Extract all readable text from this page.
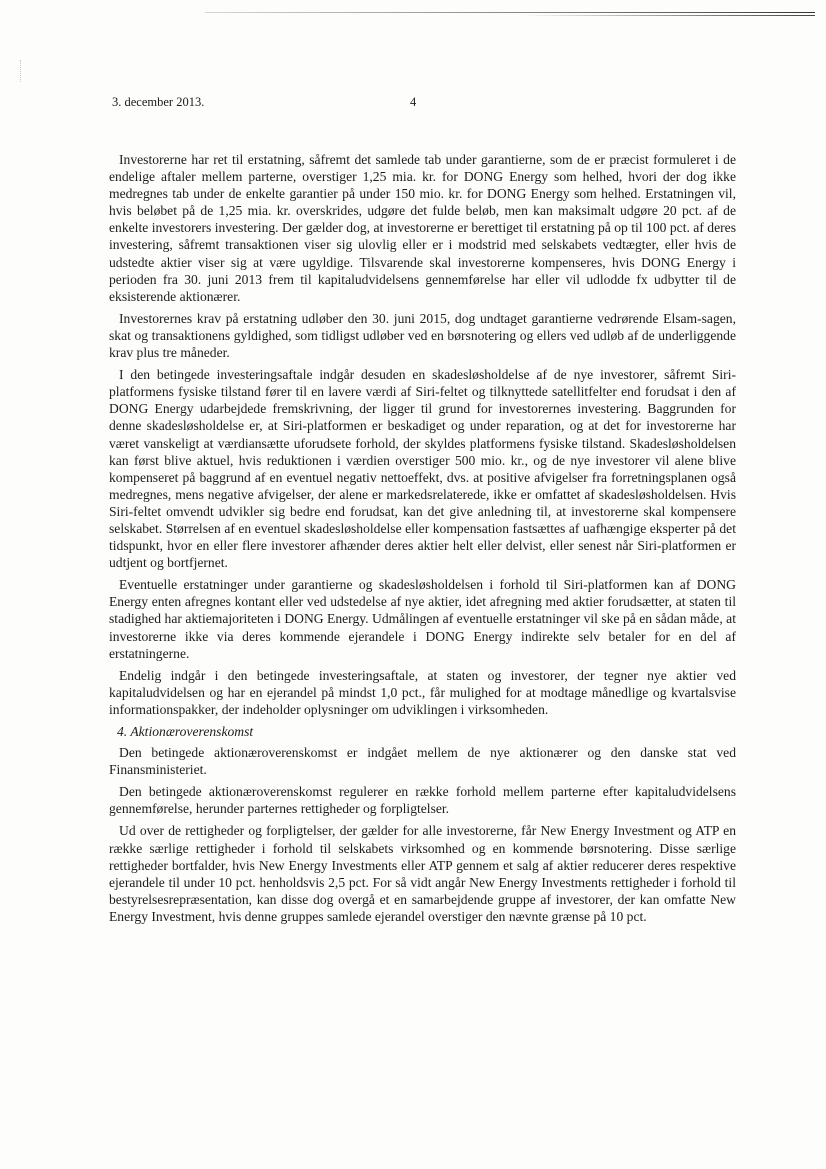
3. december 2013.	4

Investorerne har ret til erstatning, såfremt det samlede tab under garantierne, som de er præcist formuleret i de endelige aftaler mellem parterne, overstiger 1,25 mia. kr. for DONG Energy som helhed, hvori der dog ikke medregnes tab under de enkelte garantier på under 150 mio. kr. for DONG Energy som helhed. Erstatningen vil, hvis beløbet på de 1,25 mia. kr. overskrides, udgøre det fulde beløb, men kan maksimalt udgøre 20 pct. af de enkelte investorers investering. Der gælder dog, at investorerne er berettiget til erstatning på op til 100 pct. af deres investering, såfremt transaktionen viser sig ulovlig eller er i modstrid med selskabets vedtægter, eller hvis de udstedte aktier viser sig at være ugyldige. Tilsvarende skal investorerne kompenseres, hvis DONG Energy i perioden fra 30. juni 2013 frem til kapitaludvidelsens gennemførelse har eller vil udlodde fx udbytter til de eksisterende aktionærer.

Investorernes krav på erstatning udløber den 30. juni 2015, dog undtaget garantierne vedrørende Elsam-sagen, skat og transaktionens gyldighed, som tidligst udløber ved en børsnotering og ellers ved udløb af de underliggende krav plus tre måneder.

I den betingede investeringsaftale indgår desuden en skadesløsholdelse af de nye investorer, såfremt Siri-platformens fysiske tilstand fører til en lavere værdi af Siri-feltet og tilknyttede satellitfelter end forudsat i den af DONG Energy udarbejdede fremskrivning, der ligger til grund for investorernes investering. Baggrunden for denne skadesløsholdelse er, at Siri-platformen er beskadiget og under reparation, og at det for investorerne har været vanskeligt at værdiansætte uforudsete forhold, der skyldes platformens fysiske tilstand. Skadesløsholdelsen kan først blive aktuel, hvis reduktionen i værdien overstiger 500 mio. kr., og de nye investorer vil alene blive kompenseret på baggrund af en eventuel negativ nettoeffekt, dvs. at positive afvigelser fra forretningsplanen også medregnes, mens negative afvigelser, der alene er markedsrelaterede, ikke er omfattet af skadesløsholdelsen. Hvis Siri-feltet omvendt udvikler sig bedre end forudsat, kan det give anledning til, at investorerne skal kompensere selskabet. Størrelsen af en eventuel skadesløsholdelse eller kompensation fastsættes af uafhængige eksperter på det tidspunkt, hvor en eller flere investorer afhænder deres aktier helt eller delvist, eller senest når Siri-platformen er udtjent og bortfjernet.

Eventuelle erstatninger under garantierne og skadesløsholdelsen i forhold til Siri-platformen kan af DONG Energy enten afregnes kontant eller ved udstedelse af nye aktier, idet afregning med aktier forudsætter, at staten til stadighed har aktiemajoriteten i DONG Energy. Udmålingen af eventuelle erstatninger vil ske på en sådan måde, at investorerne ikke via deres kommende ejerandele i DONG Energy indirekte selv betaler for en del af erstatningerne.

Endelig indgår i den betingede investeringsaftale, at staten og investorer, der tegner nye aktier ved kapitaludvidelsen og har en ejerandel på mindst 1,0 pct., får mulighed for at modtage månedlige og kvartalsvise informationspakker, der indeholder oplysninger om udviklingen i virksomheden.

4. Aktionæroverenskomst

Den betingede aktionæroverenskomst er indgået mellem de nye aktionærer og den danske stat ved Finansministeriet.

Den betingede aktionæroverenskomst regulerer en række forhold mellem parterne efter kapitaludvidelsens gennemførelse, herunder parternes rettigheder og forpligtelser.

Ud over de rettigheder og forpligtelser, der gælder for alle investorerne, får New Energy Investment og ATP en række særlige rettigheder i forhold til selskabets virksomhed og en kommende børsnotering. Disse særlige rettigheder bortfalder, hvis New Energy Investments eller ATP gennem et salg af aktier reducerer deres respektive ejerandele til under 10 pct. henholdsvis 2,5 pct. For så vidt angår New Energy Investments rettigheder i forhold til bestyrelsesrepræsentation, kan disse dog overgå et en samarbejdende gruppe af investorer, der kan omfatte New Energy Investment, hvis denne gruppes samlede ejerandel overstiger den nævnte grænse på 10 pct.
